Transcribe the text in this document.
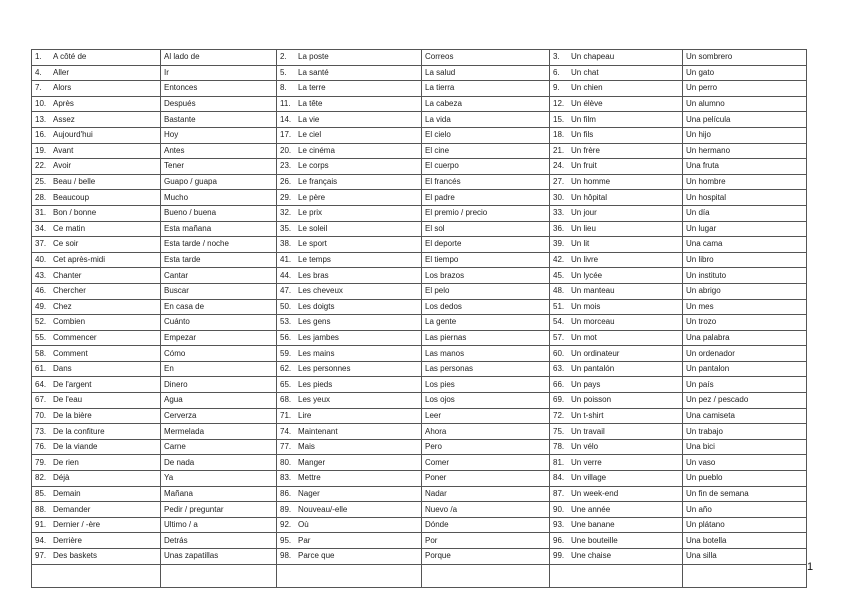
1. A côté de	Al lado de	2. La poste	Correos	3. Un chapeau	Un sombrero
4. Aller	Ir	5. La santé	La salud	6. Un chat	Un gato
7. Alors	Entonces	8. La terre	La tierra	9. Un chien	Un perro
10. Après	Después	11. La tête	La cabeza	12. Un élève	Un alumno
13. Assez	Bastante	14. La vie	La vida	15. Un film	Una película
16. Aujourd'hui	Hoy	17. Le ciel	El cielo	18. Un fils	Un hijo
19. Avant	Antes	20. Le cinéma	El cine	21. Un frère	Un hermano
22. Avoir	Tener	23. Le corps	El cuerpo	24. Un fruit	Una fruta
25. Beau / belle	Guapo / guapa	26. Le français	El francés	27. Un homme	Un hombre
28. Beaucoup	Mucho	29. Le père	El padre	30. Un hôpital	Un hospital
31. Bon / bonne	Bueno / buena	32. Le prix	El premio / precio	33. Un jour	Un día
34. Ce matin	Esta mañana	35. Le soleil	El sol	36. Un lieu	Un lugar
37. Ce soir	Esta tarde / noche	38. Le sport	El deporte	39. Un lit	Una cama
40. Cet après-midi	Esta tarde	41. Le temps	El tiempo	42. Un livre	Un libro
43. Chanter	Cantar	44. Les bras	Los brazos	45. Un lycée	Un instituto
46. Chercher	Buscar	47. Les cheveux	El pelo	48. Un manteau	Un abrigo
49. Chez	En casa de	50. Les doigts	Los dedos	51. Un mois	Un mes
52. Combien	Cuánto	53. Les gens	La gente	54. Un morceau	Un trozo
55. Commencer	Empezar	56. Les jambes	Las piernas	57. Un mot	Una palabra
58. Comment	Cómo	59. Les mains	Las manos	60. Un ordinateur	Un ordenador
61. Dans	En	62. Les personnes	Las personas	63. Un pantalón	Un pantalon
64. De l'argent	Dinero	65. Les pieds	Los pies	66. Un pays	Un país
67. De l'eau	Agua	68. Les yeux	Los ojos	69. Un poisson	Un pez / pescado
70. De la bière	Cerverza	71. Lire	Leer	72. Un t-shirt	Una camiseta
73. De la confiture	Mermelada	74. Maintenant	Ahora	75. Un travail	Un trabajo
76. De la viande	Carne	77. Mais	Pero	78. Un vélo	Una bici
79. De rien	De nada	80. Manger	Comer	81. Un verre	Un vaso
82. Déjà	Ya	83. Mettre	Poner	84. Un village	Un pueblo
85. Demain	Mañana	86. Nager	Nadar	87. Un week-end	Un fin de semana
88. Demander	Pedir / preguntar	89. Nouveau/-elle	Nuevo /a	90. Une année	Un año
91. Dernier / -ère	Ultimo / a	92. Où	Dónde	93. Une banane	Un plátano
94. Derrière	Detrás	95. Par	Por	96. Une bouteille	Una botella
97. Des baskets	Unas zapatillas	98. Parce que	Porque	99. Une chaise	Una silla

1
